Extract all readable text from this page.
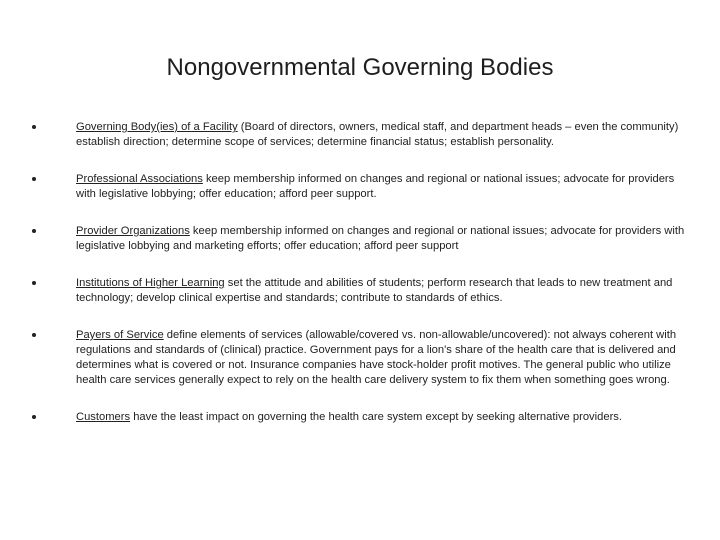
Nongovernmental Governing Bodies
Governing Body(ies) of a Facility (Board of directors, owners, medical staff, and department heads – even the community) establish direction; determine scope of services; determine financial status; establish personality.
Professional Associations keep membership informed on changes and regional or national issues; advocate for providers with legislative lobbying; offer education; afford peer support.
Provider Organizations keep membership informed on changes and regional or national issues; advocate for providers with legislative lobbying and marketing efforts; offer education; afford peer support
Institutions of Higher Learning set the attitude and abilities of students; perform research that leads to new treatment and technology; develop clinical expertise and standards; contribute to standards of ethics.
Payers of Service define elements of services (allowable/covered vs. non-allowable/uncovered): not always coherent with regulations and standards of (clinical) practice. Government pays for a lion's share of the health care that is delivered and determines what is covered or not. Insurance companies have stock-holder profit motives. The general public who utilize health care services generally expect to rely on the health care delivery system to fix them when something goes wrong.
Customers have the least impact on governing the health care system except by seeking alternative providers.
